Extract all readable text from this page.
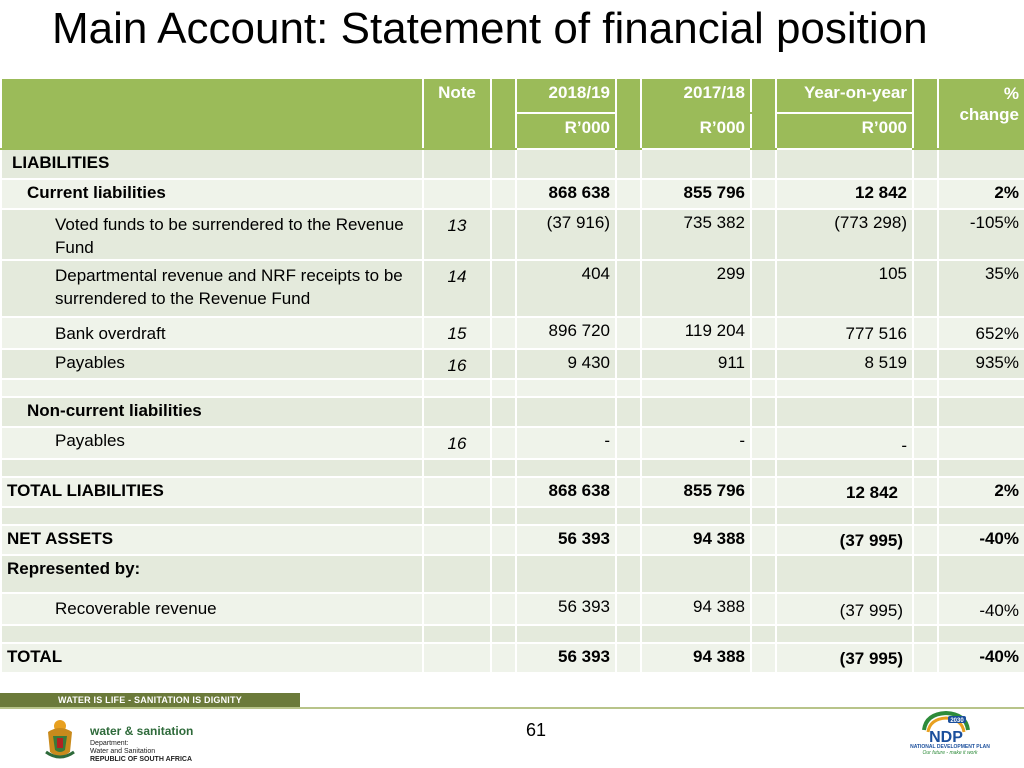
Main Account: Statement of financial position
	Note		2018/19		2017/18		Year-on-year		% change
			R’000		R’000		R’000		
LIABILITIES									
Current liabilities			868 638		855 796		12 842		2%
Voted funds to be surrendered to the Revenue Fund	13		(37 916)		735 382		(773 298)		-105%
Departmental revenue and NRF receipts to be surrendered to the Revenue Fund	14		404		299		105		35%
Bank overdraft	15		896 720		119 204		777 516		652%
Payables	16		9 430		911		8 519		935%

Non-current liabilities									
Payables	16		-		-		-		

TOTAL LIABILITIES			868 638		855 796		12 842		2%

NET ASSETS			56 393		94 388		(37 995)		-40%
Represented by:									
Recoverable revenue			56 393		94 388		(37 995)		-40%

TOTAL			56 393		94 388		(37 995)		-40%
WATER IS LIFE - SANITATION IS DIGNITY
water & sanitation
Department:
Water and Sanitation
REPUBLIC OF SOUTH AFRICA
61	2030
NDP
NATIONAL DEVELOPMENT PLAN
Our future - make it work
